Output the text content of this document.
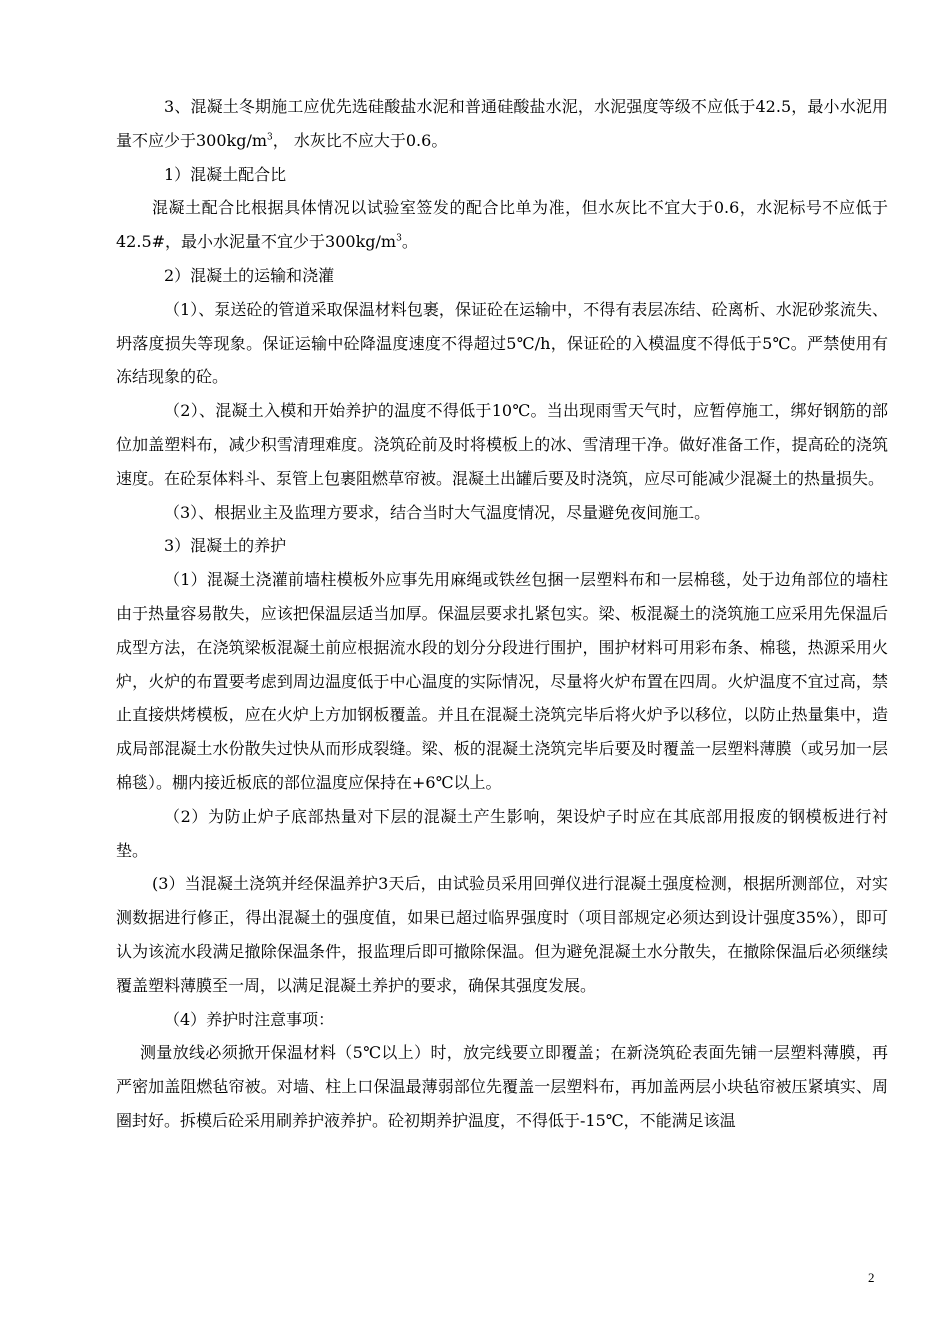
3、混凝土冬期施工应优先选硅酸盐水泥和普通硅酸盐水泥，水泥强度等级不应低于42.5，最小水泥用量不应少于$300kg/m^3$， 水灰比不应大于0.6。

1）混凝土配合比

混凝土配合比根据具体情况以试验室签发的配合比单为准，但水灰比不宜大于0.6，水泥标号不应低于42.5#，最小水泥量不宜少于$300kg/m^3$。

2）混凝土的运输和浇灌

（1）、泵送砼的管道采取保温材料包裹，保证砼在运输中，不得有表层冻结、砼离析、水泥砂浆流失、坍落度损失等现象。保证运输中砼降温度速度不得超过5℃/h，保证砼的入模温度不得低于5℃。严禁使用有冻结现象的砼。

（2）、混凝土入模和开始养护的温度不得低于10℃。当出现雨雪天气时，应暂停施工，绑好钢筋的部位加盖塑料布，减少积雪清理难度。浇筑砼前及时将模板上的冰、雪清理干净。做好准备工作，提高砼的浇筑速度。在砼泵体料斗、泵管上包裹阻燃草帘被。混凝土出罐后要及时浇筑，应尽可能减少混凝土的热量损失。

（3）、根据业主及监理方要求，结合当时大气温度情况，尽量避免夜间施工。

3）混凝土的养护

（1）混凝土浇灌前墙柱模板外应事先用麻绳或铁丝包捆一层塑料布和一层棉毯，处于边角部位的墙柱由于热量容易散失，应该把保温层适当加厚。保温层要求扎紧包实。梁、板混凝土的浇筑施工应采用先保温后成型方法，在浇筑梁板混凝土前应根据流水段的划分分段进行围护，围护材料可用彩布条、棉毯，热源采用火炉，火炉的布置要考虑到周边温度低于中心温度的实际情况，尽量将火炉布置在四周。火炉温度不宜过高，禁止直接烘烤模板，应在火炉上方加钢板覆盖。并且在混凝土浇筑完毕后将火炉予以移位，以防止热量集中，造成局部混凝土水份散失过快从而形成裂缝。梁、板的混凝土浇筑完毕后要及时覆盖一层塑料薄膜（或另加一层棉毯）。棚内接近板底的部位温度应保持在+6℃以上。

（2）为防止炉子底部热量对下层的混凝土产生影响，架设炉子时应在其底部用报废的钢模板进行衬垫。

(3）当混凝土浇筑并经保温养护3天后，由试验员采用回弹仪进行混凝土强度检测，根据所测部位，对实测数据进行修正，得出混凝土的强度值，如果已超过临界强度时（项目部规定必须达到设计强度35%），即可认为该流水段满足撤除保温条件，报监理后即可撤除保温。但为避免混凝土水分散失，在撤除保温后必须继续覆盖塑料薄膜至一周，以满足混凝土养护的要求，确保其强度发展。

（4）养护时注意事项：

测量放线必须掀开保温材料（5℃以上）时，放完线要立即覆盖；在新浇筑砼表面先铺一层塑料薄膜，再严密加盖阻燃毡帘被。对墙、柱上口保温最薄弱部位先覆盖一层塑料布，再加盖两层小块毡帘被压紧填实、周圈封好。拆模后砼采用刷养护液养护。砼初期养护温度，不得低于-15℃，不能满足该温

2
